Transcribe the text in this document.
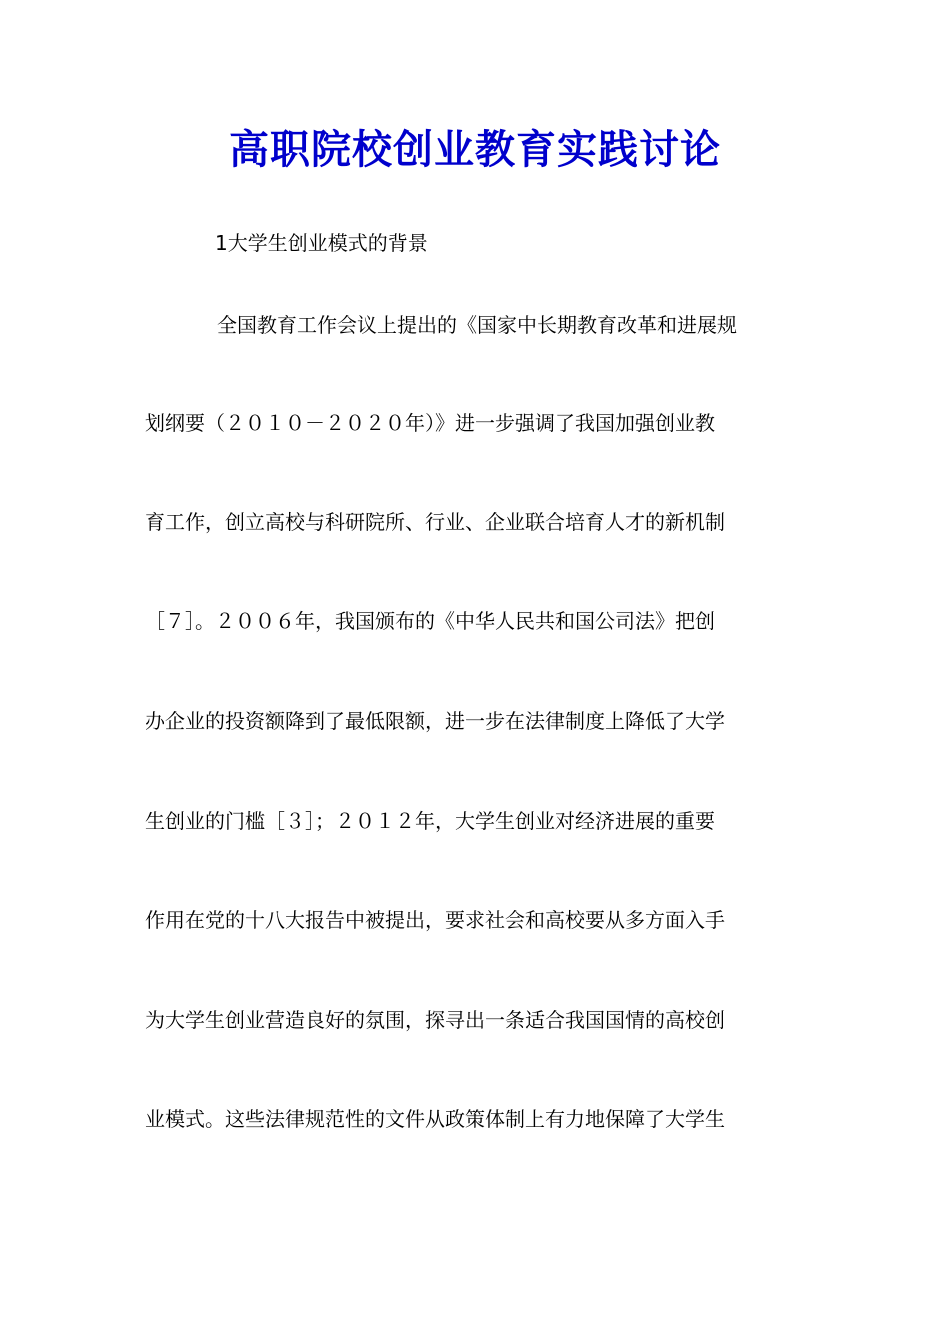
高职院校创业教育实践讨论
1大学生创业模式的背景
全国教育工作会议上提出的《国家中长期教育改革和进展规
划纲要（２０１０－２０２０年）》进一步强调了我国加强创业教
育工作，创立高校与科研院所、行业、企业联合培育人才的新机制
［７］。２００６年，我国颁布的《中华人民共和国公司法》把创
办企业的投资额降到了最低限额，进一步在法律制度上降低了大学
生创业的门槛［３］；２０１２年，大学生创业对经济进展的重要
作用在党的十八大报告中被提出，要求社会和高校要从多方面入手
为大学生创业营造良好的氛围，探寻出一条适合我国国情的高校创
业模式。这些法律规范性的文件从政策体制上有力地保障了大学生
